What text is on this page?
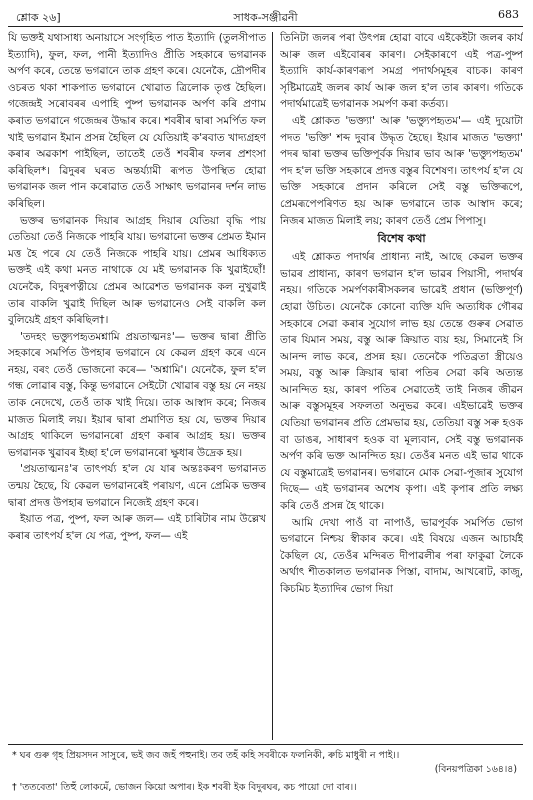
শ্লোক ২৬]	সাধক-সঞ্জীৱনী	683

যি ভক্তই যথাসাধ্য অনায়াসে সংগৃহিত পাত ইত্যাদি (তুলসীপাত ইত্যাদি), ফুল, ফল, পানী ইত্যাদিও প্ৰীতি সহকাৰে ভগৱানক অৰ্পণ কৰে, তেন্তে ভগৱানে তাক গ্ৰহণ কৰে। যেনেকৈ, দ্ৰৌপদীৰ ওচৰত থকা শাকপাত ভগৱানে খোৱাত ত্ৰিলোক তৃপ্ত হৈছিল। গজেন্দ্ৰই সৰোবৰৰ এপাহি পুষ্প ভগৱানক অৰ্পণ কৰি প্ৰণাম কৰাত ভগৱানে গজেন্দ্ৰৰ উদ্ধাৰ কৰে। শবৰীৰ দ্বাৰা সমৰ্পিত ফল খাই ভগৱান ইমান প্ৰসন্ন হৈছিল যে যেতিয়াই ক'ৰবাত খাদ্যগ্ৰহণ কৰাৰ অৱকাশ পাইছিল, তাতেই তেওঁ শবৰীৰ ফলৰ প্ৰশংসা কৰিছিল*। ৱিদুৰৰ ঘৰত অন্তৰ্য্যামী ৰূপত উপস্থিত হোৱা ভগৱানক জল পান কৰোৱাত তেওঁ সাক্ষাৎ ভগৱানৰ দৰ্শন লাভ কৰিছিল।

ভক্তৰ ভগৱানক দিয়াৰ আগ্ৰহ দিয়াৰ যেতিয়া বৃদ্ধি পায় তেতিয়া তেওঁ নিজকে পাহৰি যায়। ভগৱানো ভক্তৰ প্ৰেমত ইমান মত্ত হৈ পৰে যে তেওঁ নিজকে পাহৰি যায়। প্ৰেমৰ আধিক্যত ভক্তই এই কথা মনত নাথাকে যে মই ভগৱানক কি খুৱাইছোঁ! যেনেকৈ, বিদুৰপত্নীয়ে প্ৰেমৰ আৱেশত ভগৱানক কল নুখুৱাই তাৰ বাকলি খুৱাই দিছিল আৰু ভগৱানেও সেই বাকলি কল বুলিয়েই গ্ৰহণ কৰিছিল†।

'তদহং ভক্ত্যুপহৃতমশ্নামি প্ৰয়তাত্মনঃ'— ভক্তৰ দ্বাৰা প্ৰীতি সহকাৰে সমৰ্পিত উপহাৰ ভগৱানে যে কেৱল গ্ৰহণ কৰে এনে নহয়, বৰং তেওঁ ভোজনো কৰে— 'অশ্নামি'। যেনেকৈ, ফুল হ'ল গন্ধ লোৱাৰ বস্তু, কিন্তু ভগৱানে সেইটো খোৱাৰ বস্তু হয় নে নহয় তাক নেদেখে, তেওঁ তাক খাই দিয়ে। তাক আস্বাদ কৰে; নিজৰ মাজত মিলাই লয়। ইয়াৰ দ্বাৰা প্ৰমাণিত হয় যে, ভক্তৰ দিয়াৰ আগ্ৰহ থাকিলে ভগৱানৰো গ্ৰহণ কৰাৰ আগ্ৰহ হয়। ভক্তৰ ভগৱানক খুৱাবৰ ইচ্ছা হ'লে ভগৱানৰো ক্ষুধাৰ উদ্ৰেক হয়।

'প্ৰয়তাত্মনঃ'ৰ তাৎপৰ্য্য হ'ল যে যাৰ অন্তঃকৰণ ভগৱানত তন্ময় হৈছে, যি কেৱল ভগৱানৰেই পৰায়ণ, এনে প্ৰেমিক ভক্তৰ দ্বাৰা প্ৰদত্ত উপহাৰ ভগৱানে নিজেই গ্ৰহণ কৰে।

ইয়াত পত্ৰ, পুষ্প, ফল আৰু জল— এই চাৰিটাৰ নাম উল্লেখ কৰাৰ তাৎপৰ্য হ'ল যে পত্ৰ, পুষ্প, ফল— এই

তিনিটা জলৰ পৰা উৎপন্ন হোৱা বাবে এইকেইটা জলৰ কাৰ্য আৰু জল এইবোৰৰ কাৰণ। সেইকাৰণে এই পত্ৰ-পুষ্প ইত্যাদি কাৰ্য-কাৰণৰূপ সমগ্ৰ পদাৰ্থসমূহৰ বাচক। কাৰণ সৃষ্টিমাত্ৰেই জলৰ কাৰ্য আৰু জল হ'ল তাৰ কাৰণ। গতিকে পদাৰ্থমাত্ৰেই ভগৱানক সমৰ্পণ কৰা কৰ্তব্য।

এই শ্লোকত 'ভক্ত্যা' আৰু 'ভক্ত্যুপহৃতম'— এই দুয়োটা পদত 'ভক্তি' শব্দ দুবাৰ উদ্ধৃত হৈছে। ইয়াৰ মাজত 'ভক্ত্যা' পদৰ দ্বাৰা ভক্তৰ ভক্তিপূৰ্বক দিয়াৰ ভাব আৰু 'ভক্ত্যুপহৃতম' পদ হ'ল ভক্তি সহকাৰে প্ৰদত্ত বস্তুৰ বিশেষণ। তাৎপৰ্য হ'ল যে ভক্তি সহকাৰে প্ৰদান কৰিলে সেই বস্তু ভক্তিৰূপে, প্ৰেমৰূপেপৰিণত হয় আৰু ভগৱানে তাক আস্বাদ কৰে; নিজৰ মাজত মিলাই লয়; কাৰণ তেওঁ প্ৰেম পিপাসু।

বিশেষ কথা

এই শ্লোকত পদাৰ্থৰ প্ৰাধান্য নাই, আছে কেৱল ভক্তৰ ভাৱৰ প্ৰাধান্য, কাৰণ ভগৱান হ'ল ভাৱৰ পিয়াসী, পদাৰ্থৰ নহয়। গতিকে সমৰ্পণকাৰীসকলৰ ভাৱেই প্ৰধান (ভক্তিপূৰ্ণ) হোৱা উচিত। যেনেকৈ কোনো ব্যক্তি যদি অত্যধিক গৌৰৱ সহকাৰে সেৱা কৰাৰ সুযোগ লাভ হয় তেন্তে গুৰুৰ সেৱাত তাৰ যিমান সময়, বস্তু আৰু ক্ৰিয়াত ব্যয় হয়, সিমানেই সি আনন্দ লাভ কৰে, প্ৰসন্ন হয়। তেনেকৈ পতিব্ৰতা স্ত্ৰীয়েও সময়, বস্তু আৰু ক্ৰিয়াৰ দ্বাৰা পতিৰ সেৱা কৰি অত্যন্ত আনন্দিত হয়, কাৰণ পতিৰ সেৱাতেই তাই নিজৰ জীৱন আৰু বস্তুসমূহৰ সফলতা অনুভৱ কৰে। এইভাৱেই ভক্তৰ যেতিয়া ভগৱানৰ প্ৰতি প্ৰেমভাৱ হয়, তেতিয়া বস্তু সৰু হওক বা ডাঙৰ, সাধাৰণ হওক বা মূল্যবান, সেই বস্তু ভগৱানক অৰ্পণ কৰি ভক্ত আনন্দিত হয়। তেওঁৰ মনত এই ভাৱ থাকে যে বস্তুমাত্ৰেই ভগৱানৰ। ভগৱানে মোক সেৱা-পূজাৰ সুযোগ দিছে— এই ভগৱানৰ অশেষ কৃপা। এই কৃপাৰ প্ৰতি লক্ষ্য কৰি তেওঁ প্ৰসন্ন হৈ থাকে।

আমি দেখা পাওঁ বা নাপাওঁ, ভাৱপূৰ্বক সমৰ্পিত ভোগ ভগৱানে নিশ্চয় স্বীকাৰ কৰে। এই বিষয়ে এজন আচাৰ্যই কৈছিল যে, তেওঁৰ মন্দিৰত দীপাৱলীৰ পৰা ফাকুৱা লৈকে অৰ্থাৎ শীতকালত ভগৱানক পিস্তা, বাদাম, আখৰোট, কাজু, কিচমিচ ইত্যাদিৰ ভোগ দিয়া

* ঘৰ গুৰু গৃহ প্ৰিয়সদন সাসুৰে, ভই জব জহঁ পহুনাই। তব তহঁ কহি সবৰীকে ফলনিকী, ৰুচি মাধুৰী ন পাই।।
(বিনয়পত্ৰিকা ১৬৪।৪)
† 'ততবেতা' তিহুঁ লোকমেঁ, ভোজন কিয়ো অপাৰ। ইক শবৰী ইক বিদুৰঘৰ, কচ পায়ো দো বাৰ।।
